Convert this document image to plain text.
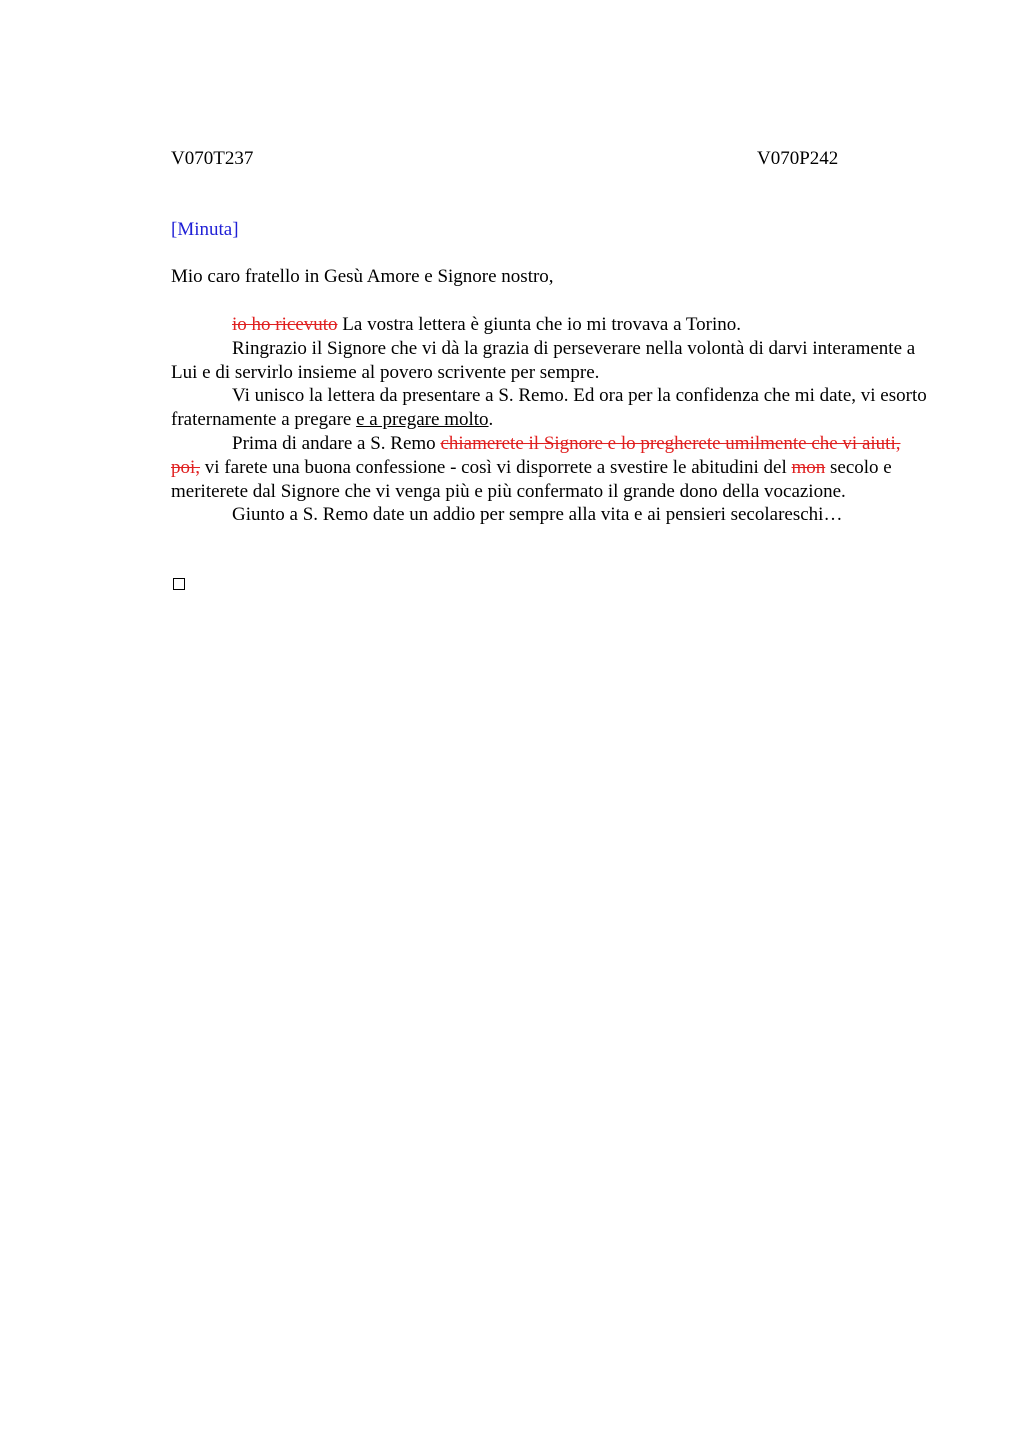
V070T237	V070P242
[Minuta]
Mio caro fratello in Gesù Amore e Signore nostro,

io ho ricevuto La vostra lettera è giunta che io mi trovava a Torino.

Ringrazio il Signore che vi dà la grazia di perseverare nella volontà di darvi interamente a Lui e di servirlo insieme al povero scrivente per sempre.

Vi unisco la lettera da presentare a S. Remo. Ed ora per la confidenza che mi date, vi esorto fraternamente a pregare e a pregare molto.

Prima di andare a S. Remo chiamerete il Signore e lo pregherete umilmente che vi aiuti, poi, vi farete una buona confessione - così vi disporrete a svestire le abitudini del mon secolo e meriterete dal Signore che vi venga più e più confermato il grande dono della vocazione.

Giunto a S. Remo date un addio per sempre alla vita e ai pensieri secolareschi…
